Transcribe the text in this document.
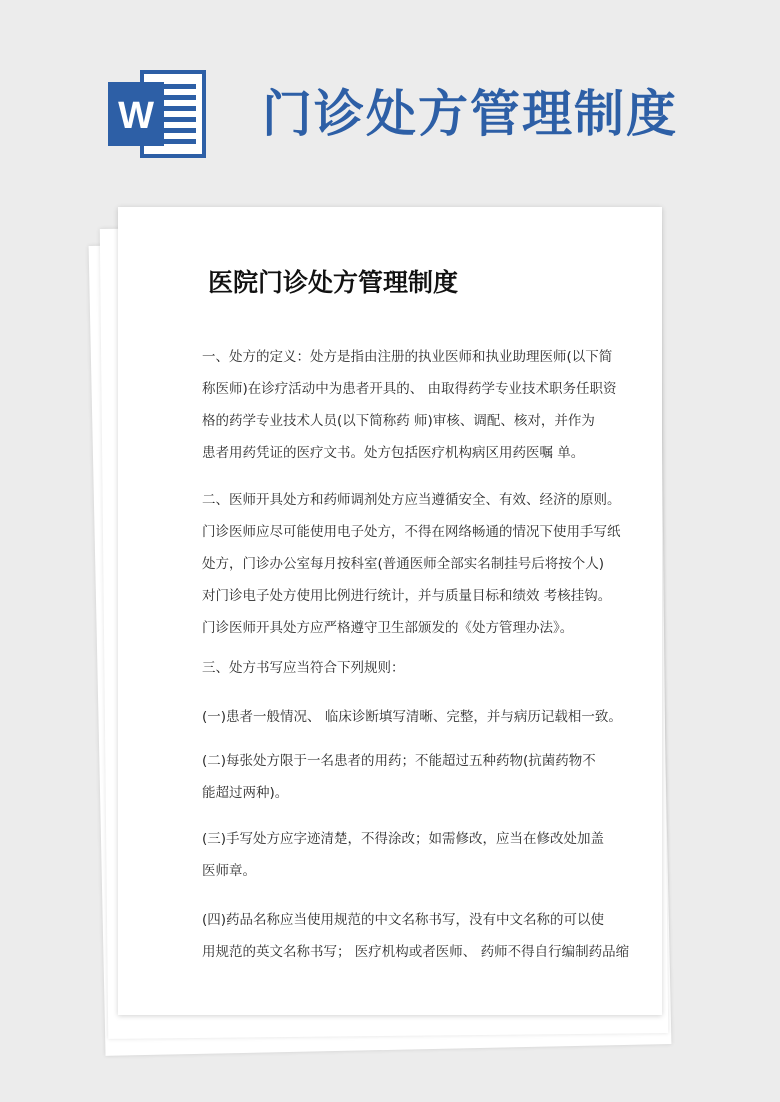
W 门诊处方管理制度
医院门诊处方管理制度
一、处方的定义：处方是指由注册的执业医师和执业助理医师(以下简
称医师)在诊疗活动中为患者开具的、 由取得药学专业技术职务任职资
格的药学专业技术人员(以下简称药 师)审核、调配、核对，并作为
患者用药凭证的医疗文书。处方包括医疗机构病区用药医嘱 单。
二、医师开具处方和药师调剂处方应当遵循安全、有效、经济的原则。
门诊医师应尽可能使用电子处方，不得在网络畅通的情况下使用手写纸
处方，门诊办公室每月按科室(普通医师全部实名制挂号后将按个人)
对门诊电子处方使用比例进行统计，并与质量目标和绩效 考核挂钩。
门诊医师开具处方应严格遵守卫生部颁发的《处方管理办法》。
三、处方书写应当符合下列规则：
(一)患者一般情况、 临床诊断填写清晰、完整，并与病历记载相一致。
(二)每张处方限于一名患者的用药；不能超过五种药物(抗菌药物不
能超过两种)。
(三)手写处方应字迹清楚，不得涂改；如需修改，应当在修改处加盖
医师章。
(四)药品名称应当使用规范的中文名称书写，没有中文名称的可以使
用规范的英文名称书写； 医疗机构或者医师、 药师不得自行编制药品缩
